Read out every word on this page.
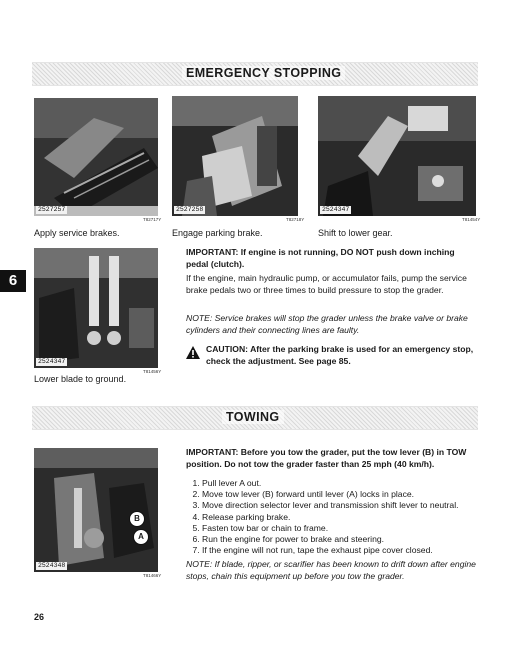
EMERGENCY STOPPING
2527257
T82717Y
Apply service brakes.
2527258
T82718Y
Engage parking brake.
2524347
T81454Y
Shift to lower gear.
6
2524347
T81456Y
Lower blade to ground.
IMPORTANT: If engine is not running, DO NOT push down inching pedal (clutch).
If the engine, main hydraulic pump, or accumulator fails, pump the service brake pedals two or three times to build pressure to stop the grader.
NOTE: Service brakes will stop the grader unless the brake valve or brake cylinders and their connecting lines are faulty.
CAUTION: After the parking brake is used for an emergency stop, check the adjustment. See page 85.
TOWING
B
A
2524348
T81466Y
IMPORTANT: Before you tow the grader, put the tow lever (B) in TOW position. Do not tow the grader faster than 25 mph (40 km/h).
1. Pull lever A out.
2. Move tow lever (B) forward until lever (A) locks in place.
3. Move direction selector lever and transmission shift lever to neutral.
4. Release parking brake.
5. Fasten tow bar or chain to frame.
6. Run the engine for power to brake and steering.
7. If the engine will not run, tape the exhaust pipe cover closed.
NOTE: If blade, ripper, or scarifier has been known to drift down after engine stops, chain this equipment up before you tow the grader.
26
